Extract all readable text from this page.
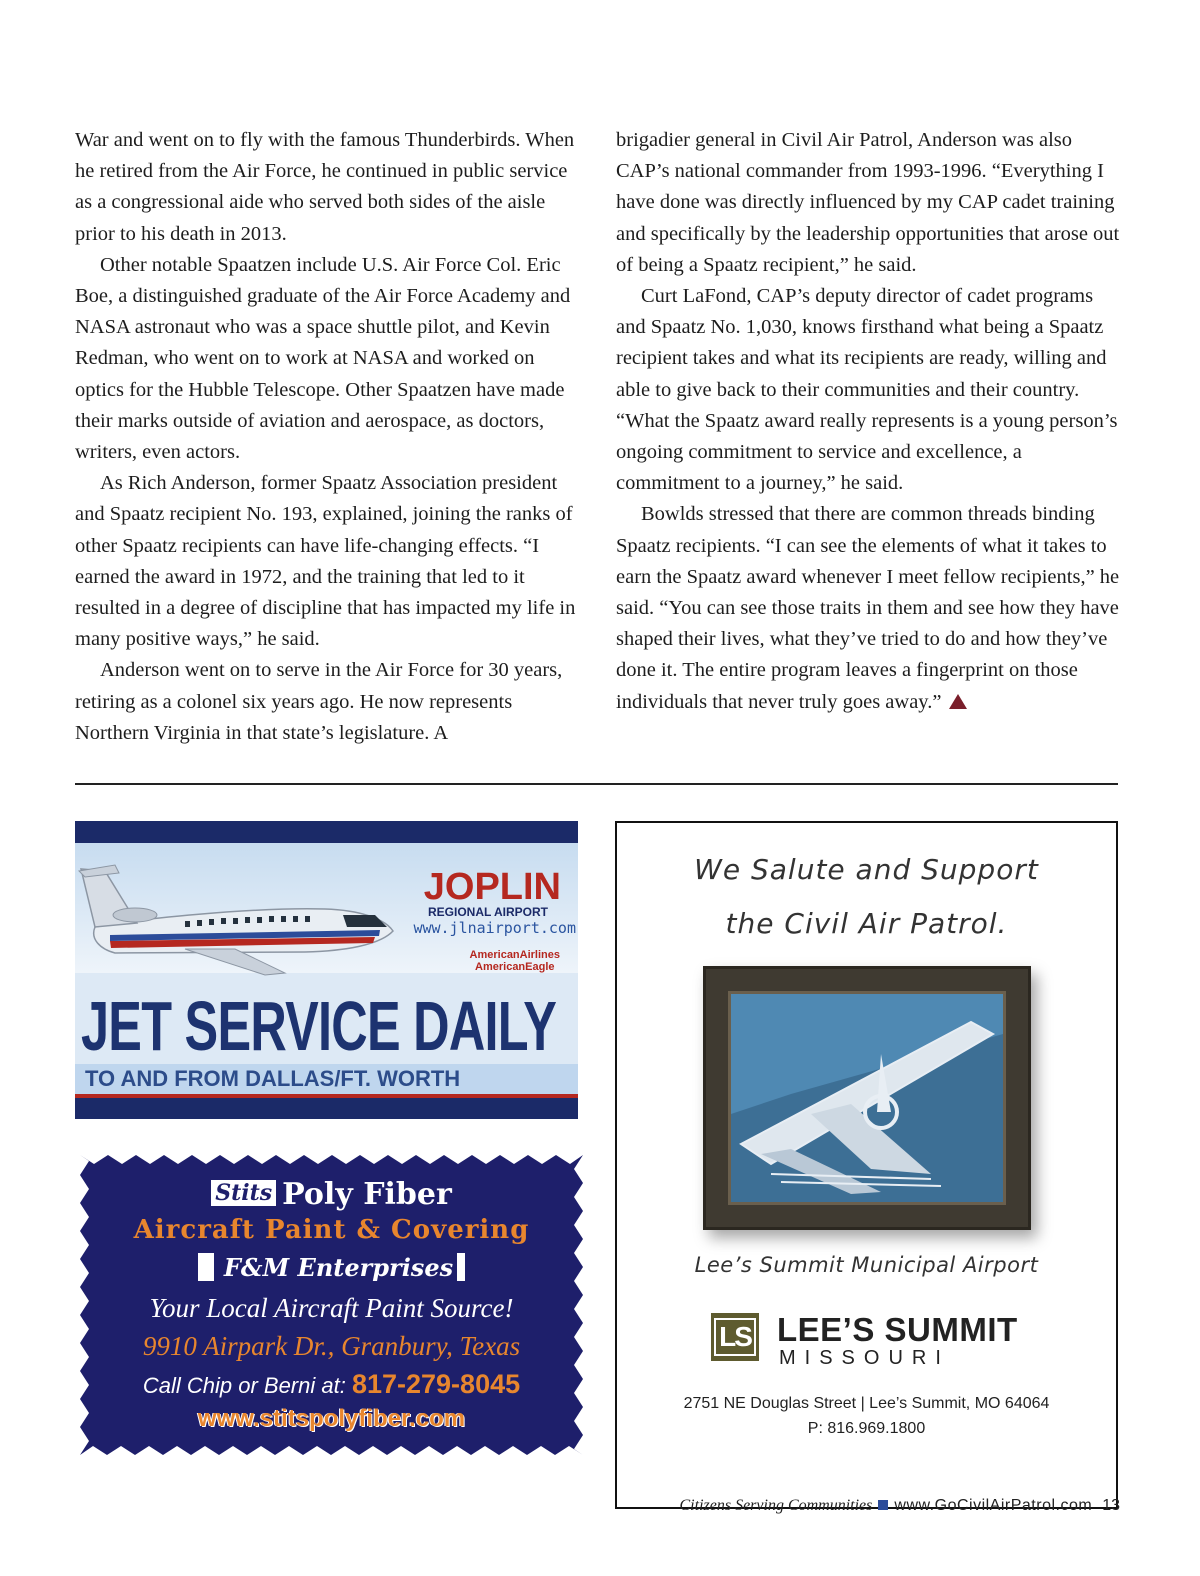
War and went on to fly with the famous Thunderbirds. When he retired from the Air Force, he continued in public service as a congressional aide who served both sides of the aisle prior to his death in 2013.

Other notable Spaatzen include U.S. Air Force Col. Eric Boe, a distinguished graduate of the Air Force Academy and NASA astronaut who was a space shuttle pilot, and Kevin Redman, who went on to work at NASA and worked on optics for the Hubble Telescope. Other Spaatzen have made their marks outside of aviation and aerospace, as doctors, writers, even actors.

As Rich Anderson, former Spaatz Association president and Spaatz recipient No. 193, explained, joining the ranks of other Spaatz recipients can have life-changing effects. “I earned the award in 1972, and the training that led to it resulted in a degree of discipline that has impacted my life in many positive ways,” he said.

Anderson went on to serve in the Air Force for 30 years, retiring as a colonel six years ago. He now represents Northern Virginia in that state’s legislature. A

brigadier general in Civil Air Patrol, Anderson was also CAP’s national commander from 1993-1996. “Everything I have done was directly influenced by my CAP cadet training and specifically by the leadership opportunities that arose out of being a Spaatz recipient,” he said.

Curt LaFond, CAP’s deputy director of cadet programs and Spaatz No. 1,030, knows firsthand what being a Spaatz recipient takes and what its recipients are ready, willing and able to give back to their communities and their country. “What the Spaatz award really represents is a young person’s ongoing commitment to service and excellence, a commitment to a journey,” he said.

Bowlds stressed that there are common threads binding Spaatz recipients. “I can see the elements of what it takes to earn the Spaatz award whenever I meet fellow recipients,” he said. “You can see those traits in them and see how they have shaped their lives, what they’ve tried to do and how they’ve done it. The entire program leaves a fingerprint on those individuals that never truly goes away.”

JOPLIN
REGIONAL AIRPORT
www.jlnairport.com
AmericanAirlines
AmericanEagle
JET SERVICE DAILY
TO AND FROM DALLAS/FT. WORTH
Stits Poly Fiber
Aircraft Paint & Covering
F&M Enterprises
Your Local Aircraft Paint Source!
9910 Airpark Dr., Granbury, Texas
Call Chip or Berni at: 817-279-8045
www.stitspolyfiber.com
We Salute and Support
the Civil Air Patrol.
Lee’s Summit Municipal Airport
LS LEE’S SUMMIT
MISSOURI
2751 NE Douglas Street | Lee’s Summit, MO 64064
P: 816.969.1800
Citizens Serving Communities www.GoCivilAirPatrol.com 13
